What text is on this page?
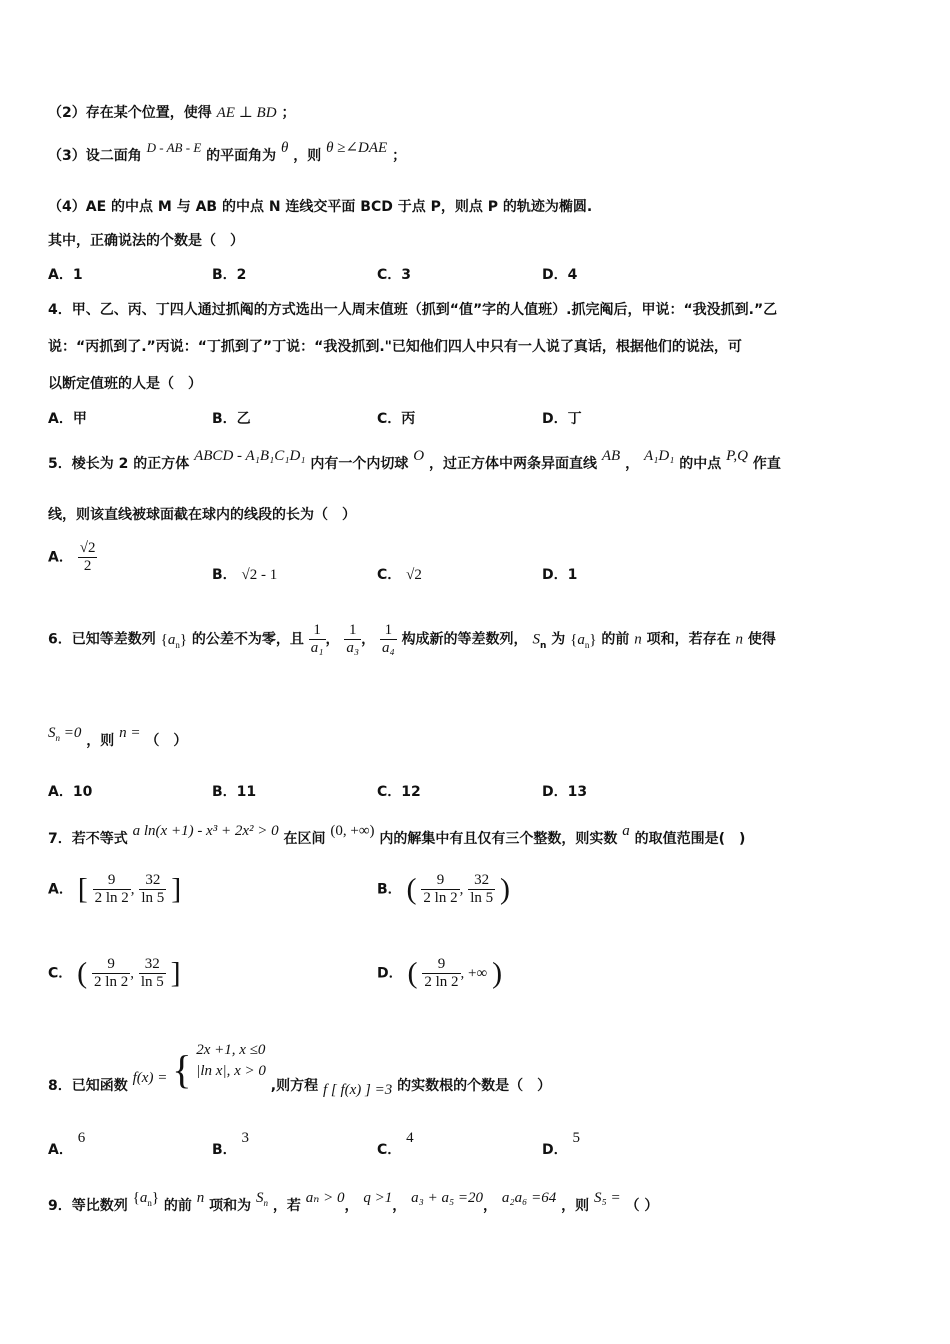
（2）存在某个位置，使得 AE ⊥ BD ；
（3）设二面角 D - AB - E 的平面角为 θ ，则 θ ≥∠DAE ；
（4）AE 的中点 M 与 AB 的中点 N 连线交平面 BCD 于点 P，则点 P 的轨迹为椭圆.
其中，正确说法的个数是（　）
A．1	B．2	C．3	D．4
4．甲、乙、丙、丁四人通过抓阄的方式选出一人周末值班（抓到“值”字的人值班）.抓完阄后，甲说：“我没抓到.”乙
说：“丙抓到了.”丙说：“丁抓到了”丁说：“我没抓到."已知他们四人中只有一人说了真话，根据他们的说法，可
以断定值班的人是（　）
A．甲	B．乙	C．丙	D．丁
5．棱长为 2 的正方体 ABCD - A₁B₁C₁D₁ 内有一个内切球 O ，过正方体中两条异面直线 AB ， A₁D₁ 的中点 P,Q 作直
线，则该直线被球面截在球内的线段的长为（　）
A． $\frac{√2}{2}$	B． √2 - 1	C． √2	D．1
6．已知等差数列 $\{a_n\}$ 的公差不为零，且 $\frac{1}{\text{a₁}}$ ， $\frac{1}{\text{a₃}}$ ， $\frac{1}{\text{a₄}}$ 构成新的等差数列， $S_n$ 为 $\{a_n\}$ 的前 n 项和，若存在 n 使得
$S_n =0$ ，则 n = （　）
A．10	B．11	C．12	D．13
7．若不等式 a ln(x +1) - x³ + 2x² > 0 在区间 (0, +∞) 内的解集中有且仅有三个整数，则实数 a 的取值范围是(　)
A． [ $\frac{9}{2 \ln 2}$ , $\frac{32}{\ln 5}$ ]	B． ( $\frac{9}{2 \ln 2}$ , $\frac{32}{\ln 5}$ )
C． ( $\frac{9}{2 \ln 2}$ , $\frac{32}{\ln 5}$ ]	D． ( $\frac{9}{2 \ln 2}$ , +∞ )
8．已知函数 f(x) = { 2x +1, x ≤0
|ln x|, x > 0
,则方程 f [ f(x) ] =3 的实数根的个数是（　）
A． 6
B． 3
C． 4
D． 5
9．等比数列 $\{a_n\}$ 的前 n 项和为 $S_n$ ，若 aₙ > 0， q >1， a₃ + a₅ =20， a₂a₆ =64 ，则 S₅ = （ ）
